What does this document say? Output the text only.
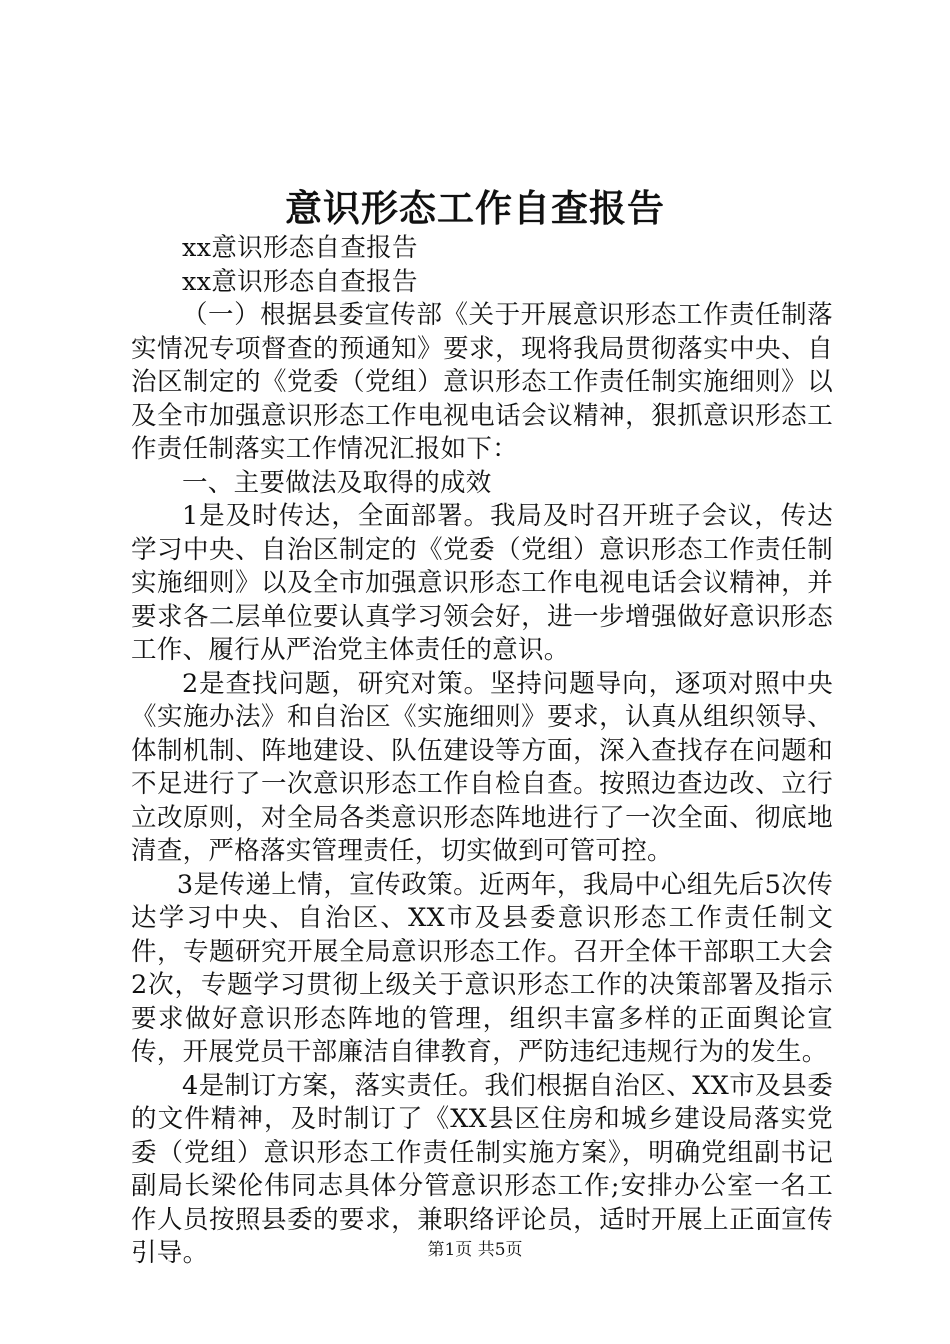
意识形态工作自查报告

xx意识形态自查报告

xx意识形态自查报告

（一）根据县委宣传部《关于开展意识形态工作责任制落实情况专项督查的预通知》要求，现将我局贯彻落实中央、自治区制定的《党委（党组）意识形态工作责任制实施细则》以及全市加强意识形态工作电视电话会议精神，狠抓意识形态工作责任制落实工作情况汇报如下：

一、主要做法及取得的成效

1是及时传达，全面部署。我局及时召开班子会议，传达学习中央、自治区制定的《党委（党组）意识形态工作责任制实施细则》以及全市加强意识形态工作电视电话会议精神，并要求各二层单位要认真学习领会好，进一步增强做好意识形态工作、履行从严治党主体责任的意识。

2是查找问题，研究对策。坚持问题导向，逐项对照中央《实施办法》和自治区《实施细则》要求，认真从组织领导、体制机制、阵地建设、队伍建设等方面，深入查找存在问题和不足进行了一次意识形态工作自检自查。按照边查边改、立行立改原则，对全局各类意识形态阵地进行了一次全面、彻底地清查，严格落实管理责任，切实做到可管可控。

3是传递上情，宣传政策。近两年，我局中心组先后5次传达学习中央、自治区、XX市及县委意识形态工作责任制文件，专题研究开展全局意识形态工作。召开全体干部职工大会2次，专题学习贯彻上级关于意识形态工作的决策部署及指示要求做好意识形态阵地的管理，组织丰富多样的正面舆论宣传，开展党员干部廉洁自律教育，严防违纪违规行为的发生。

4是制订方案，落实责任。我们根据自治区、XX市及县委的文件精神，及时制订了《XX县区住房和城乡建设局落实党委（党组）意识形态工作责任制实施方案》，明确党组副书记副局长梁伦伟同志具体分管意识形态工作;安排办公室一名工作人员按照县委的要求，兼职络评论员，适时开展上正面宣传引导。	第1页 共5页
